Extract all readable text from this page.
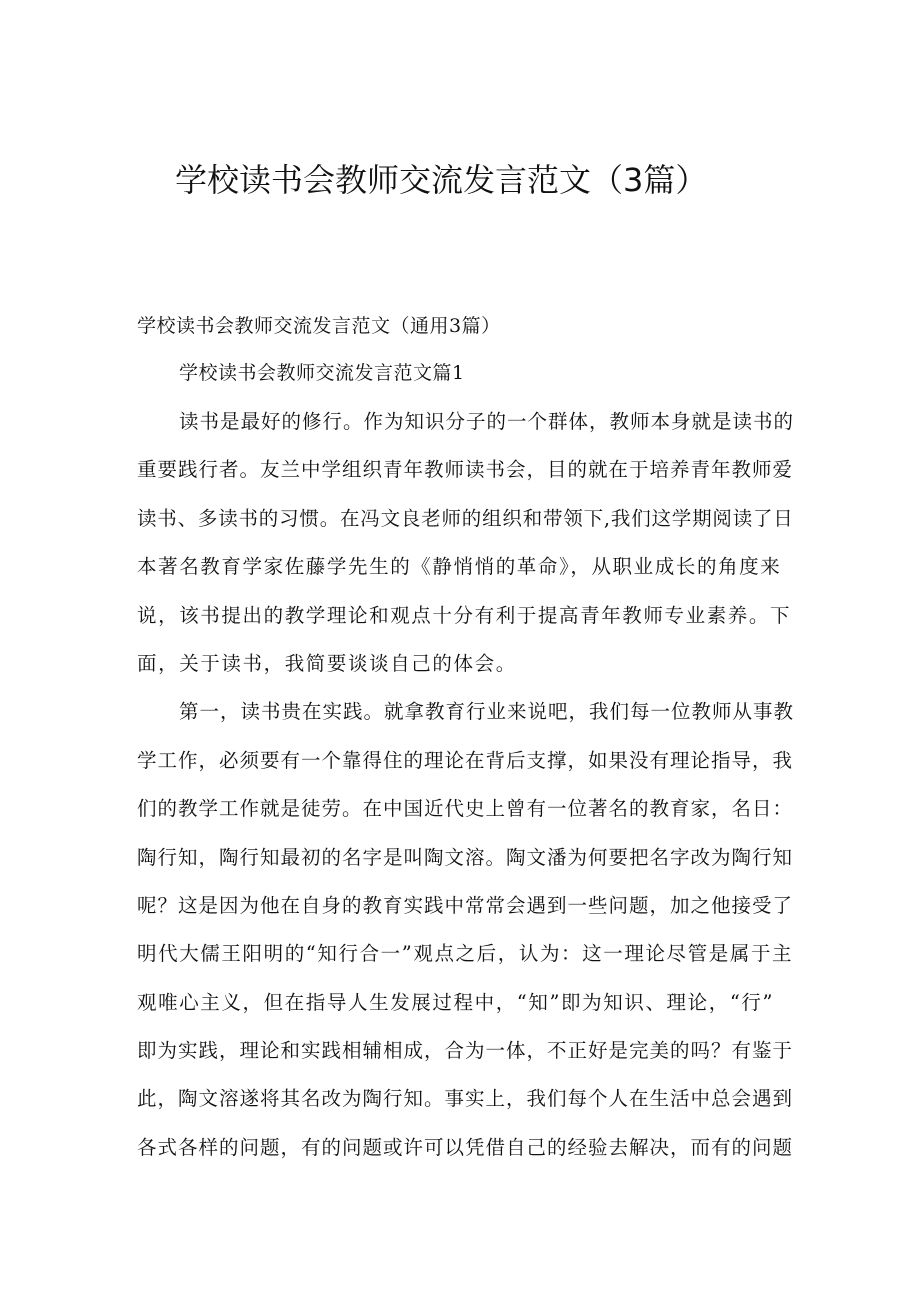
学校读书会教师交流发言范文（3篇）
学校读书会教师交流发言范文（通用3篇）
学校读书会教师交流发言范文篇1
读书是最好的修行。作为知识分子的一个群体，教师本身就是读书的
重要践行者。友兰中学组织青年教师读书会，目的就在于培养青年教师爱
读书、多读书的习惯。在冯文良老师的组织和带领下,我们这学期阅读了日
本著名教育学家佐藤学先生的《静悄悄的革命》，从职业成长的角度来
说，该书提出的教学理论和观点十分有利于提高青年教师专业素养。下
面，关于读书，我简要谈谈自己的体会。
第一，读书贵在实践。就拿教育行业来说吧，我们每一位教师从事教
学工作，必须要有一个靠得住的理论在背后支撑，如果没有理论指导，我
们的教学工作就是徒劳。在中国近代史上曾有一位著名的教育家，名日：
陶行知，陶行知最初的名字是叫陶文溶。陶文潘为何要把名字改为陶行知
呢？这是因为他在自身的教育实践中常常会遇到一些问题，加之他接受了
明代大儒王阳明的“知行合一”观点之后，认为：这一理论尽管是属于主
观唯心主义，但在指导人生发展过程中，“知”即为知识、理论，“行”
即为实践，理论和实践相辅相成，合为一体，不正好是完美的吗？有鉴于
此，陶文溶遂将其名改为陶行知。事实上，我们每个人在生活中总会遇到
各式各样的问题，有的问题或许可以凭借自己的经验去解决，而有的问题
